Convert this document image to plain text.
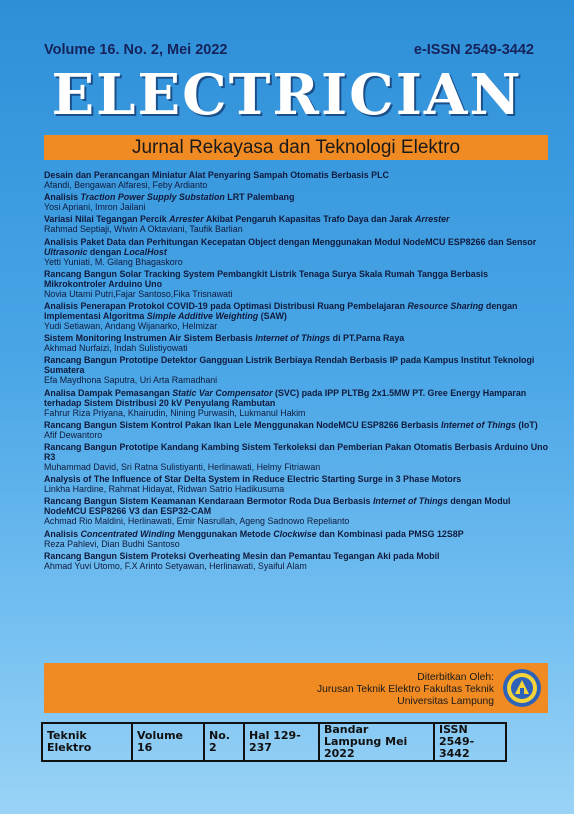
Volume 16. No. 2, Mei 2022	e-ISSN 2549-3442
ELECTRICIAN
Jurnal Rekayasa dan Teknologi Elektro
Desain dan Perancangan Miniatur Alat Penyaring Sampah Otomatis Berbasis PLC
Afandi, Bengawan Alfaresi, Feby Ardianto
Analisis Traction Power Supply Substation LRT Palembang
Yosi Apriani, Imron Jailani
Variasi Nilai Tegangan Percik Arrester Akibat Pengaruh Kapasitas Trafo Daya dan Jarak Arrester
Rahmad Septiaji, Wiwin A Oktaviani, Taufik Barlian
Analisis Paket Data dan Perhitungan Kecepatan Object dengan Menggunakan Modul NodeMCU ESP8266 dan Sensor Ultrasonic dengan LocalHost
Yetti Yuniati, M. Gilang Bhagaskoro
Rancang Bangun Solar Tracking System Pembangkit Listrik Tenaga Surya Skala Rumah Tangga Berbasis Mikrokontroler Arduino Uno
Novia Utami Putri,Fajar Santoso,Fika Trisnawati
Analisis Penerapan Protokol COVID-19 pada Optimasi Distribusi Ruang Pembelajaran Resource Sharing dengan Implementasi Algoritma Simple Additive Weighting (SAW)
Yudi Setiawan, Andang Wijanarko, Helmizar
Sistem Monitoring Instrumen Air Sistem Berbasis Internet of Things di PT.Parna Raya
Akhmad Nurfaizi, Indah Sulistiyowati
Rancang Bangun Prototipe Detektor Gangguan Listrik Berbiaya Rendah Berbasis IP pada Kampus Institut Teknologi Sumatera
Efa Maydhona Saputra, Uri Arta Ramadhani
Analisa Dampak Pemasangan Static Var Compensator (SVC) pada IPP PLTBg 2x1.5MW PT. Gree Energy Hamparan terhadap Sistem Distribusi 20 kV Penyulang Rambutan
Fahrur Riza Priyana, Khairudin, Nining Purwasih, Lukmanul Hakim
Rancang Bangun Sistem Kontrol Pakan Ikan Lele Menggunakan NodeMCU ESP8266 Berbasis Internet of Things (IoT)
Afif Dewantoro
Rancang Bangun Prototipe Kandang Kambing Sistem Terkoleksi dan Pemberian Pakan Otomatis Berbasis Arduino Uno R3
Muhammad David, Sri Ratna Sulistiyanti, Herlinawati, Helmy Fitriawan
Analysis of The Influence of Star Delta System in Reduce Electric Starting Surge in 3 Phase Motors
Linkha Hardine, Rahmat Hidayat, Ridwan Satrio Hadikusuma
Rancang Bangun Sistem Keamanan Kendaraan Bermotor Roda Dua Berbasis Internet of Things dengan Modul NodeMCU ESP8266 V3 dan ESP32-CAM
Achmad Rio Maldini, Herlinawati, Emir Nasrullah, Ageng Sadnowo Repelianto
Analisis Concentrated Winding Menggunakan Metode Clockwise dan Kombinasi pada PMSG 12S8P
Reza Pahlevi, Dian Budhi Santoso
Rancang Bangun Sistem Proteksi Overheating Mesin dan Pemantau Tegangan Aki pada Mobil
Ahmad Yuvi Utomo, F.X Arinto Setyawan, Herlinawati, Syaiful Alam
Diterbitkan Oleh:
Jurusan Teknik Elektro Fakultas Teknik
Universitas Lampung
Teknik Elektro	Volume 16	No. 2	Hal 129-237	Bandar Lampung Mei 2022	ISSN 2549-3442
